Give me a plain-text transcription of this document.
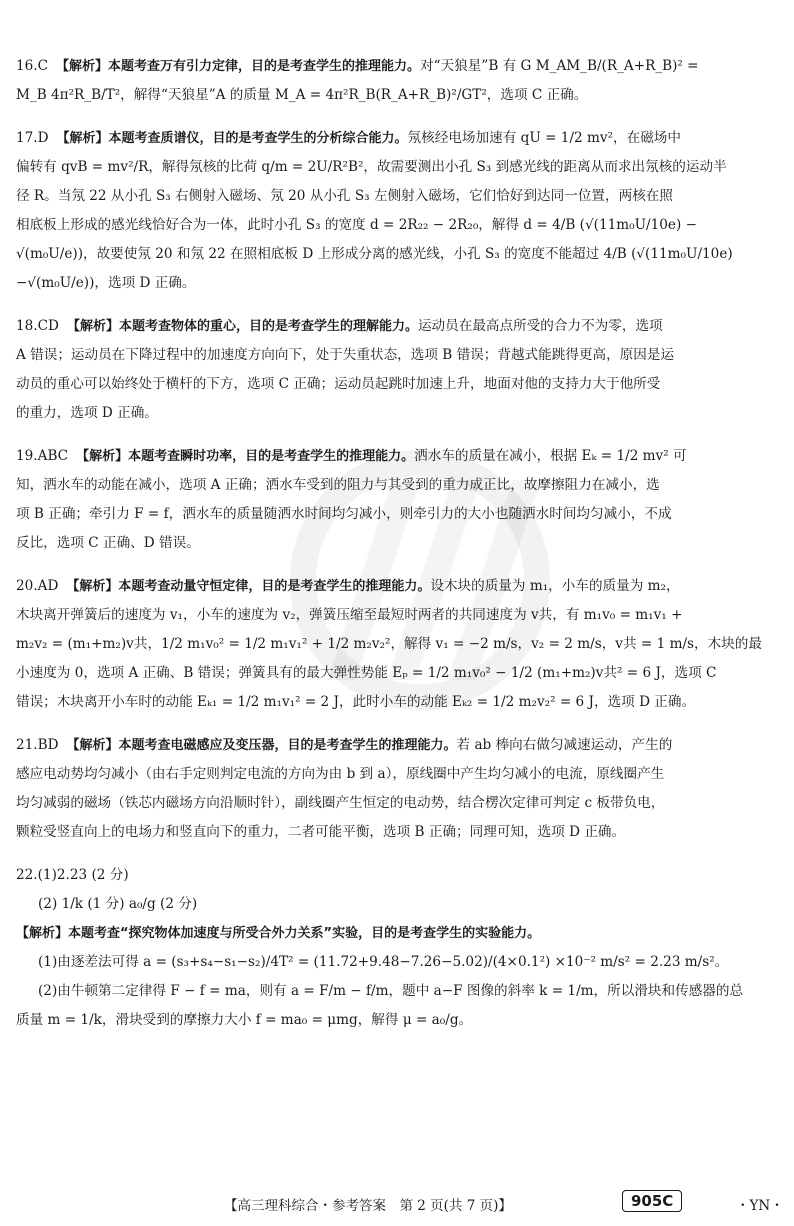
16.C 【解析】本题考查万有引力定律，目的是考查学生的推理能力。对“天狼星”B 有 G M_AM_B/(R_A+R_B)² =
M_B 4π²R_B/T²，解得“天狼星”A 的质量 M_A = 4π²R_B(R_A+R_B)²/GT²，选项 C 正确。
17.D 【解析】本题考查质谱仪，目的是考查学生的分析综合能力。氖核经电场加速有 qU = 1/2 mv²，在磁场中
偏转有 qvB = mv²/R，解得氖核的比荷 q/m = 2U/R²B²，故需要测出小孔 S₃ 到感光线的距离从而求出氖核的运动半
径 R。当氖 22 从小孔 S₃ 右侧射入磁场、氖 20 从小孔 S₃ 左侧射入磁场，它们恰好到达同一位置，两核在照
相底板上形成的感光线恰好合为一体，此时小孔 S₃ 的宽度 d = 2R₂₂ − 2R₂₀，解得 d = 4/B (√(11m₀U/10e) −
√(m₀U/e))，故要使氖 20 和氖 22 在照相底板 D 上形成分离的感光线，小孔 S₃ 的宽度不能超过 4/B (√(11m₀U/10e)
−√(m₀U/e))，选项 D 正确。
18.CD 【解析】本题考查物体的重心，目的是考查学生的理解能力。运动员在最高点所受的合力不为零，选项
A 错误；运动员在下降过程中的加速度方向向下，处于失重状态，选项 B 错误；背越式能跳得更高，原因是运
动员的重心可以始终处于横杆的下方，选项 C 正确；运动员起跳时加速上升，地面对他的支持力大于他所受
的重力，选项 D 正确。
19.ABC 【解析】本题考查瞬时功率，目的是考查学生的推理能力。洒水车的质量在减小，根据 Eₖ = 1/2 mv² 可
知，洒水车的动能在减小，选项 A 正确；洒水车受到的阻力与其受到的重力成正比，故摩擦阻力在减小，选
项 B 正确；牵引力 F = f，洒水车的质量随洒水时间均匀减小，则牵引力的大小也随洒水时间均匀减小，不成
反比，选项 C 正确、D 错误。
20.AD 【解析】本题考查动量守恒定律，目的是考查学生的推理能力。设木块的质量为 m₁，小车的质量为 m₂，
木块离开弹簧后的速度为 v₁，小车的速度为 v₂，弹簧压缩至最短时两者的共同速度为 v共，有 m₁v₀ = m₁v₁ +
m₂v₂ = (m₁+m₂)v共，1/2 m₁v₀² = 1/2 m₁v₁² + 1/2 m₂v₂²，解得 v₁ = −2 m/s，v₂ = 2 m/s，v共 = 1 m/s，木块的最
小速度为 0，选项 A 正确、B 错误；弹簧具有的最大弹性势能 Eₚ = 1/2 m₁v₀² − 1/2 (m₁+m₂)v共² = 6 J，选项 C
错误；木块离开小车时的动能 Eₖ₁ = 1/2 m₁v₁² = 2 J，此时小车的动能 Eₖ₂ = 1/2 m₂v₂² = 6 J，选项 D 正确。
21.BD 【解析】本题考查电磁感应及变压器，目的是考查学生的推理能力。若 ab 棒向右做匀减速运动，产生的
感应电动势均匀减小（由右手定则判定电流的方向为由 b 到 a），原线圈中产生均匀减小的电流，原线圈产生
均匀减弱的磁场（铁芯内磁场方向沿顺时针），副线圈产生恒定的电动势，结合楞次定律可判定 c 板带负电，
颗粒受竖直向上的电场力和竖直向下的重力，二者可能平衡，选项 B 正确；同理可知，选项 D 正确。
22.(1)2.23 (2 分)
(2) 1/k (1 分) a₀/g (2 分)
【解析】本题考查“探究物体加速度与所受合外力关系”实验，目的是考查学生的实验能力。
(1)由逐差法可得 a = (s₃+s₄−s₁−s₂)/4T² = (11.72+9.48−7.26−5.02)/(4×0.1²) ×10⁻² m/s² = 2.23 m/s²。
(2)由牛顿第二定律得 F − f = ma，则有 a = F/m − f/m，题中 a−F 图像的斜率 k = 1/m，所以滑块和传感器的总
质量 m = 1/k，滑块受到的摩擦力大小 f = ma₀ = μmg，解得 μ = a₀/g。
【高三理科综合・参考答案　第 2 页(共 7 页)】	905C	・YN・
